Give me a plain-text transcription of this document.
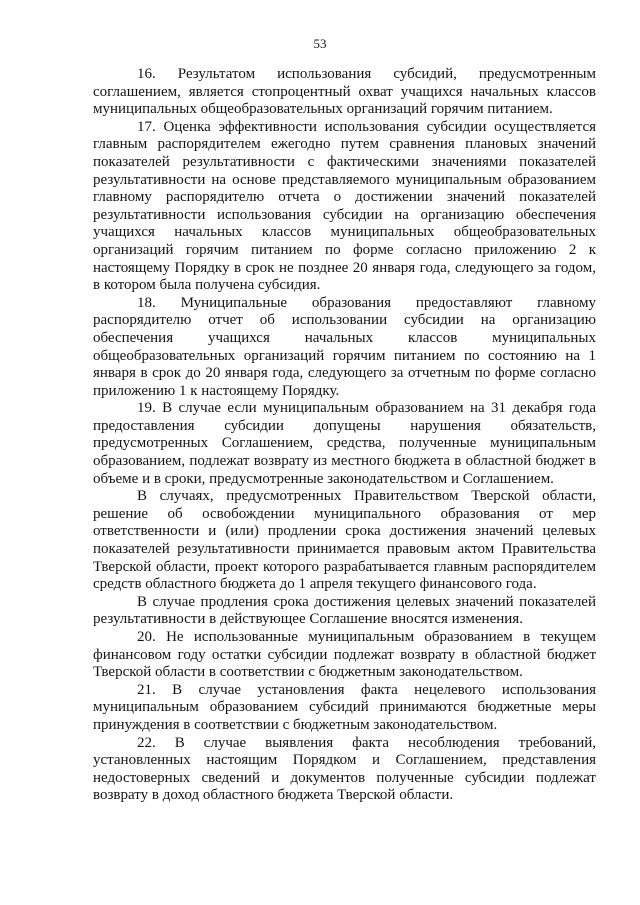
53

16. Результатом использования субсидий, предусмотренным соглашением, является стопроцентный охват учащихся начальных классов муниципальных общеобразовательных организаций горячим питанием.

17. Оценка эффективности использования субсидии осуществляется главным распорядителем ежегодно путем сравнения плановых значений показателей результативности с фактическими значениями показателей результативности на основе представляемого муниципальным образованием главному распорядителю отчета о достижении значений показателей результативности использования субсидии на организацию обеспечения учащихся начальных классов муниципальных общеобразовательных организаций горячим питанием по форме согласно приложению 2 к настоящему Порядку в срок не позднее 20 января года, следующего за годом, в котором была получена субсидия.

18. Муниципальные образования предоставляют главному распорядителю отчет об использовании субсидии на организацию обеспечения учащихся начальных классов муниципальных общеобразовательных организаций горячим питанием по состоянию на 1 января в срок до 20 января года, следующего за отчетным по форме согласно приложению 1 к настоящему Порядку.

19. В случае если муниципальным образованием на 31 декабря года предоставления субсидии допущены нарушения обязательств, предусмотренных Соглашением, средства, полученные муниципальным образованием, подлежат возврату из местного бюджета в областной бюджет в объеме и в сроки, предусмотренные законодательством и Соглашением.

В случаях, предусмотренных Правительством Тверской области, решение об освобождении муниципального образования от мер ответственности и (или) продлении срока достижения значений целевых показателей результативности принимается правовым актом Правительства Тверской области, проект которого разрабатывается главным распорядителем средств областного бюджета до 1 апреля текущего финансового года.

В случае продления срока достижения целевых значений показателей результативности в действующее Соглашение вносятся изменения.

20. Не использованные муниципальным образованием в текущем финансовом году остатки субсидии подлежат возврату в областной бюджет Тверской области в соответствии с бюджетным законодательством.

21. В случае установления факта нецелевого использования муниципальным образованием субсидий принимаются бюджетные меры принуждения в соответствии с бюджетным законодательством.

22. В случае выявления факта несоблюдения требований, установленных настоящим Порядком и Соглашением, представления недостоверных сведений и документов полученные субсидии подлежат возврату в доход областного бюджета Тверской области.
